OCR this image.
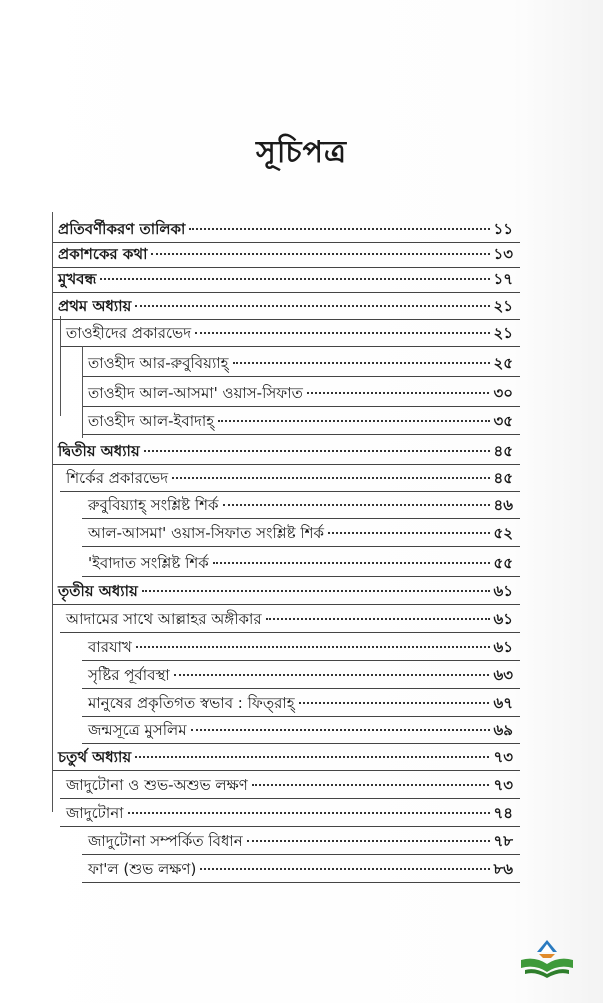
সূচিপত্র
প্রতিবর্ণীকরণ তালিকা	১১
প্রকাশকের কথা	১৩
মুখবন্ধ	১৭
প্রথম অধ্যায়	২১
তাওহীদের প্রকারভেদ	২১
তাওহীদ আর-রুবুবিয়্যাহ্	২৫
তাওহীদ আল-আসমা' ওয়াস-সিফাত	৩০
তাওহীদ আল-ইবাদাহ্	৩৫
দ্বিতীয় অধ্যায়	৪৫
শির্কের প্রকারভেদ	৪৫
রুবুবিয়্যাহ্ সংশ্লিষ্ট শির্ক	৪৬
আল-আসমা' ওয়াস-সিফাত সংশ্লিষ্ট শির্ক	৫২
'ইবাদাত সংশ্লিষ্ট শির্ক	৫৫
তৃতীয় অধ্যায়	৬১
আদামের সাথে আল্লাহর অঙ্গীকার	৬১
বারযাখ	৬১
সৃষ্টির পূর্বাবস্থা	৬৩
মানুষের প্রকৃতিগত স্বভাব : ফিত্‌রাহ্	৬৭
জন্মসূত্রে মুসলিম	৬৯
চতুর্থ অধ্যায়	৭৩
জাদুটোনা ও শুভ-অশুভ লক্ষণ	৭৩
জাদুটোনা	৭৪
জাদুটোনা সম্পর্কিত বিধান	৭৮
ফা'ল (শুভ লক্ষণ)	৮৬
